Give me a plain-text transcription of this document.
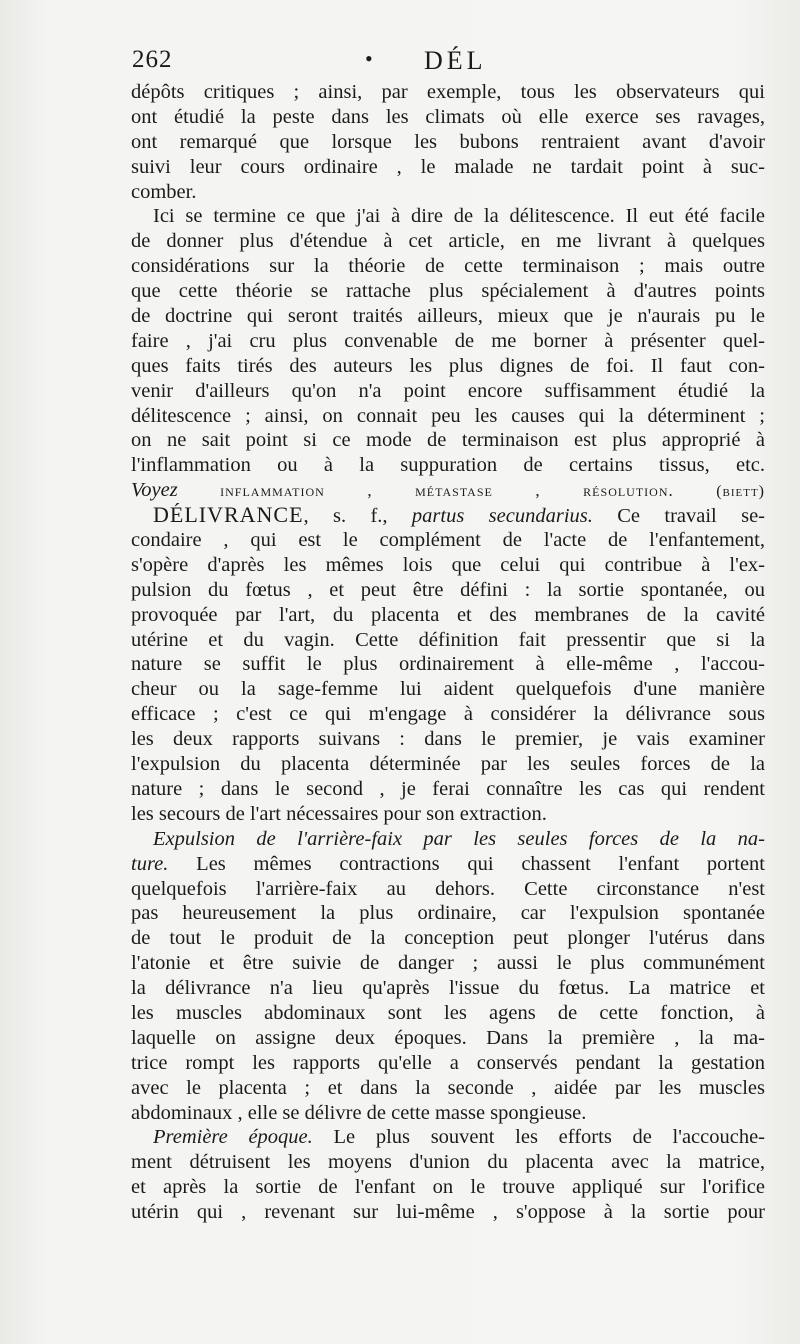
262	• DÉL
dépôts critiques ; ainsi, par exemple, tous les observateurs qui
ont étudié la peste dans les climats où elle exerce ses ravages,
ont remarqué que lorsque les bubons rentraient avant d'avoir
suivi leur cours ordinaire , le malade ne tardait point à suc-
comber.
Ici se termine ce que j'ai à dire de la délitescence. Il eut été facile
de donner plus d'étendue à cet article, en me livrant à quelques
considérations sur la théorie de cette terminaison ; mais outre
que cette théorie se rattache plus spécialement à d'autres points
de doctrine qui seront traités ailleurs, mieux que je n'aurais pu le
faire , j'ai cru plus convenable de me borner à présenter quel-
ques faits tirés des auteurs les plus dignes de foi. Il faut con-
venir d'ailleurs qu'on n'a point encore suffisamment étudié la
délitescence ; ainsi, on connait peu les causes qui la déterminent ;
on ne sait point si ce mode de terminaison est plus approprié à
l'inflammation ou à la suppuration de certains tissus, etc.
Voyez inflammation , métastase , résolution.	(biett)
DÉLIVRANCE, s. f., partus secundarius. Ce travail se-
condaire , qui est le complément de l'acte de l'enfantement,
s'opère d'après les mêmes lois que celui qui contribue à l'ex-
pulsion du fœtus , et peut être défini : la sortie spontanée, ou
provoquée par l'art, du placenta et des membranes de la cavité
utérine et du vagin. Cette définition fait pressentir que si la
nature se suffit le plus ordinairement à elle-même , l'accou-
cheur ou la sage-femme lui aident quelquefois d'une manière
efficace ; c'est ce qui m'engage à considérer la délivrance sous
les deux rapports suivans : dans le premier, je vais examiner
l'expulsion du placenta déterminée par les seules forces de la
nature ; dans le second , je ferai connaître les cas qui rendent
les secours de l'art nécessaires pour son extraction.
Expulsion de l'arrière-faix par les seules forces de la na-
ture. Les mêmes contractions qui chassent l'enfant portent
quelquefois l'arrière-faix au dehors. Cette circonstance n'est
pas heureusement la plus ordinaire, car l'expulsion spontanée
de tout le produit de la conception peut plonger l'utérus dans
l'atonie et être suivie de danger ; aussi le plus communément
la délivrance n'a lieu qu'après l'issue du fœtus. La matrice et
les muscles abdominaux sont les agens de cette fonction, à
laquelle on assigne deux époques. Dans la première , la ma-
trice rompt les rapports qu'elle a conservés pendant la gestation
avec le placenta ; et dans la seconde , aidée par les muscles
abdominaux , elle se délivre de cette masse spongieuse.
Première époque. Le plus souvent les efforts de l'accouche-
ment détruisent les moyens d'union du placenta avec la matrice,
et après la sortie de l'enfant on le trouve appliqué sur l'orifice
utérin qui , revenant sur lui-même , s'oppose à la sortie pour
